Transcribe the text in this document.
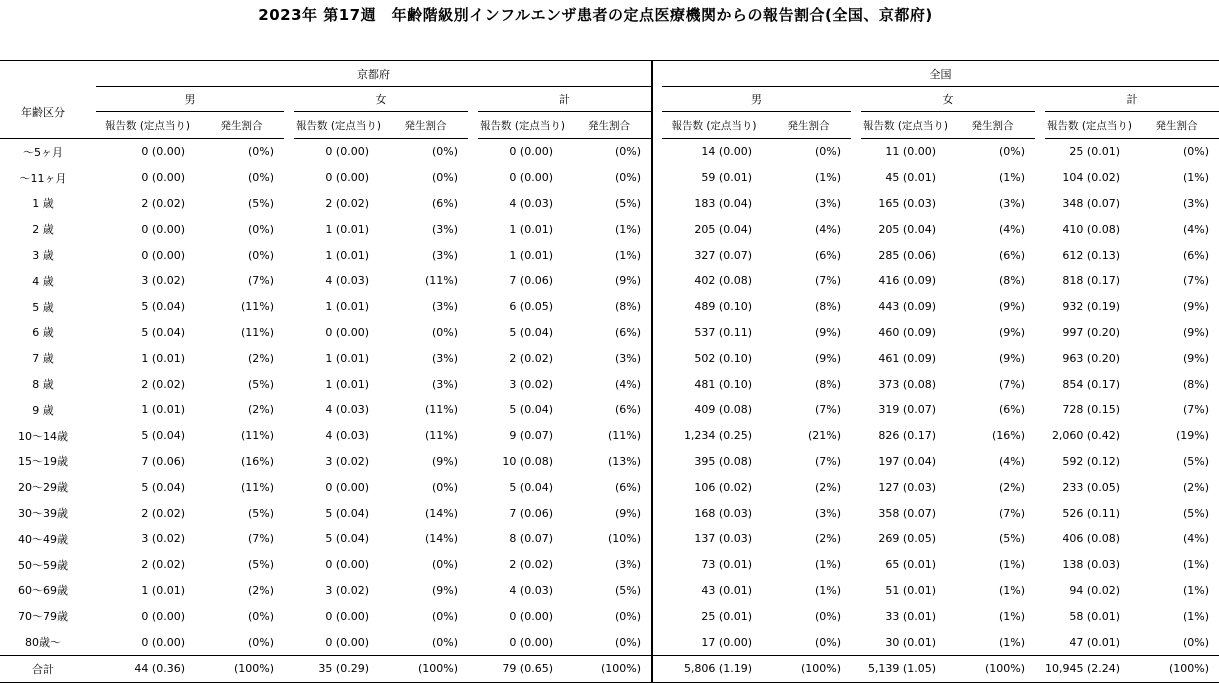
2023年 第17週　年齢階級別インフルエンザ患者の定点医療機関からの報告割合(全国、京都府)
		京都府									全国							
年齢区分		男			女			計			男			女			計	
		報告数 (定点当り)	発生割合		報告数 (定点当り)	発生割合		報告数 (定点当り)	発生割合		報告数 (定点当り)	発生割合		報告数 (定点当り)	発生割合		報告数 (定点当り)	発生割合
～5ヶ月		0 (0.00)	(0%)		0 (0.00)	(0%)		0 (0.00)	(0%)		14 (0.00)	(0%)		11 (0.00)	(0%)		25 (0.01)	(0%)
～11ヶ月		0 (0.00)	(0%)		0 (0.00)	(0%)		0 (0.00)	(0%)		59 (0.01)	(1%)		45 (0.01)	(1%)		104 (0.02)	(1%)
1 歳		2 (0.02)	(5%)		2 (0.02)	(6%)		4 (0.03)	(5%)		183 (0.04)	(3%)		165 (0.03)	(3%)		348 (0.07)	(3%)
2 歳		0 (0.00)	(0%)		1 (0.01)	(3%)		1 (0.01)	(1%)		205 (0.04)	(4%)		205 (0.04)	(4%)		410 (0.08)	(4%)
3 歳		0 (0.00)	(0%)		1 (0.01)	(3%)		1 (0.01)	(1%)		327 (0.07)	(6%)		285 (0.06)	(6%)		612 (0.13)	(6%)
4 歳		3 (0.02)	(7%)		4 (0.03)	(11%)		7 (0.06)	(9%)		402 (0.08)	(7%)		416 (0.09)	(8%)		818 (0.17)	(7%)
5 歳		5 (0.04)	(11%)		1 (0.01)	(3%)		6 (0.05)	(8%)		489 (0.10)	(8%)		443 (0.09)	(9%)		932 (0.19)	(9%)
6 歳		5 (0.04)	(11%)		0 (0.00)	(0%)		5 (0.04)	(6%)		537 (0.11)	(9%)		460 (0.09)	(9%)		997 (0.20)	(9%)
7 歳		1 (0.01)	(2%)		1 (0.01)	(3%)		2 (0.02)	(3%)		502 (0.10)	(9%)		461 (0.09)	(9%)		963 (0.20)	(9%)
8 歳		2 (0.02)	(5%)		1 (0.01)	(3%)		3 (0.02)	(4%)		481 (0.10)	(8%)		373 (0.08)	(7%)		854 (0.17)	(8%)
9 歳		1 (0.01)	(2%)		4 (0.03)	(11%)		5 (0.04)	(6%)		409 (0.08)	(7%)		319 (0.07)	(6%)		728 (0.15)	(7%)
10～14歳		5 (0.04)	(11%)		4 (0.03)	(11%)		9 (0.07)	(11%)		1,234 (0.25)	(21%)		826 (0.17)	(16%)		2,060 (0.42)	(19%)
15～19歳		7 (0.06)	(16%)		3 (0.02)	(9%)		10 (0.08)	(13%)		395 (0.08)	(7%)		197 (0.04)	(4%)		592 (0.12)	(5%)
20～29歳		5 (0.04)	(11%)		0 (0.00)	(0%)		5 (0.04)	(6%)		106 (0.02)	(2%)		127 (0.03)	(2%)		233 (0.05)	(2%)
30～39歳		2 (0.02)	(5%)		5 (0.04)	(14%)		7 (0.06)	(9%)		168 (0.03)	(3%)		358 (0.07)	(7%)		526 (0.11)	(5%)
40～49歳		3 (0.02)	(7%)		5 (0.04)	(14%)		8 (0.07)	(10%)		137 (0.03)	(2%)		269 (0.05)	(5%)		406 (0.08)	(4%)
50～59歳		2 (0.02)	(5%)		0 (0.00)	(0%)		2 (0.02)	(3%)		73 (0.01)	(1%)		65 (0.01)	(1%)		138 (0.03)	(1%)
60～69歳		1 (0.01)	(2%)		3 (0.02)	(9%)		4 (0.03)	(5%)		43 (0.01)	(1%)		51 (0.01)	(1%)		94 (0.02)	(1%)
70～79歳		0 (0.00)	(0%)		0 (0.00)	(0%)		0 (0.00)	(0%)		25 (0.01)	(0%)		33 (0.01)	(1%)		58 (0.01)	(1%)
80歳～		0 (0.00)	(0%)		0 (0.00)	(0%)		0 (0.00)	(0%)		17 (0.00)	(0%)		30 (0.01)	(1%)		47 (0.01)	(0%)
合計		44 (0.36)	(100%)		35 (0.29)	(100%)		79 (0.65)	(100%)		5,806 (1.19)	(100%)		5,139 (1.05)	(100%)		10,945 (2.24)	(100%)
